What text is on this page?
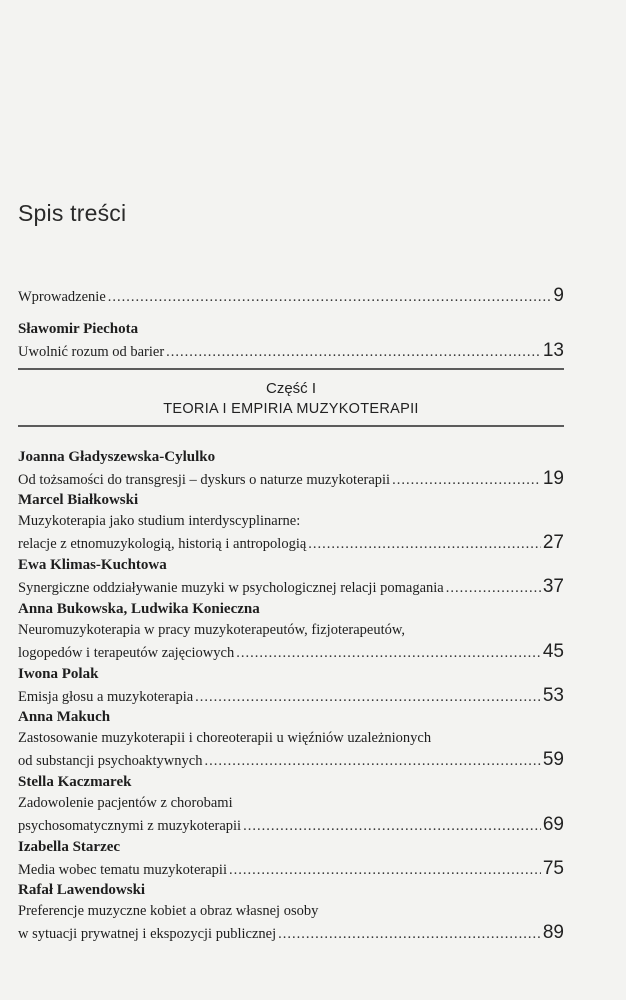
Spis treści
Wprowadzenie .....	9
Sławomir Piechota
Uwolnić rozum od barier .....	13
Część I
TEORIA I EMPIRIA MUZYKOTERAPII
Joanna Gładyszewska-Cylulko
Od tożsamości do transgresji – dyskurs o naturze muzykoterapii .....	19
Marcel Białkowski
Muzykoterapia jako studium interdyscyplinarne:
relacje z etnomuzykologią, historią i antropologią .....	27
Ewa Klimas-Kuchtowa
Synergiczne oddziaływanie muzyki w psychologicznej relacji pomagania .....	37
Anna Bukowska, Ludwika Konieczna
Neuromuzykoterapia w pracy muzykoterapeutów, fizjoterapeutów,
logopedów i terapeutów zajęciowych .....	45
Iwona Polak
Emisja głosu a muzykoterapia .....	53
Anna Makuch
Zastosowanie muzykoterapii i choreoterapii u więźniów uzależnionych
od substancji psychoaktywnych .....	59
Stella Kaczmarek
Zadowolenie pacjentów z chorobami
psychosomatycznymi z muzykoterapii .....	69
Izabella Starzec
Media wobec tematu muzykoterapii .....	75
Rafał Lawendowski
Preferencje muzyczne kobiet a obraz własnej osoby
w sytuacji prywatnej i ekspozycji publicznej .....	89
